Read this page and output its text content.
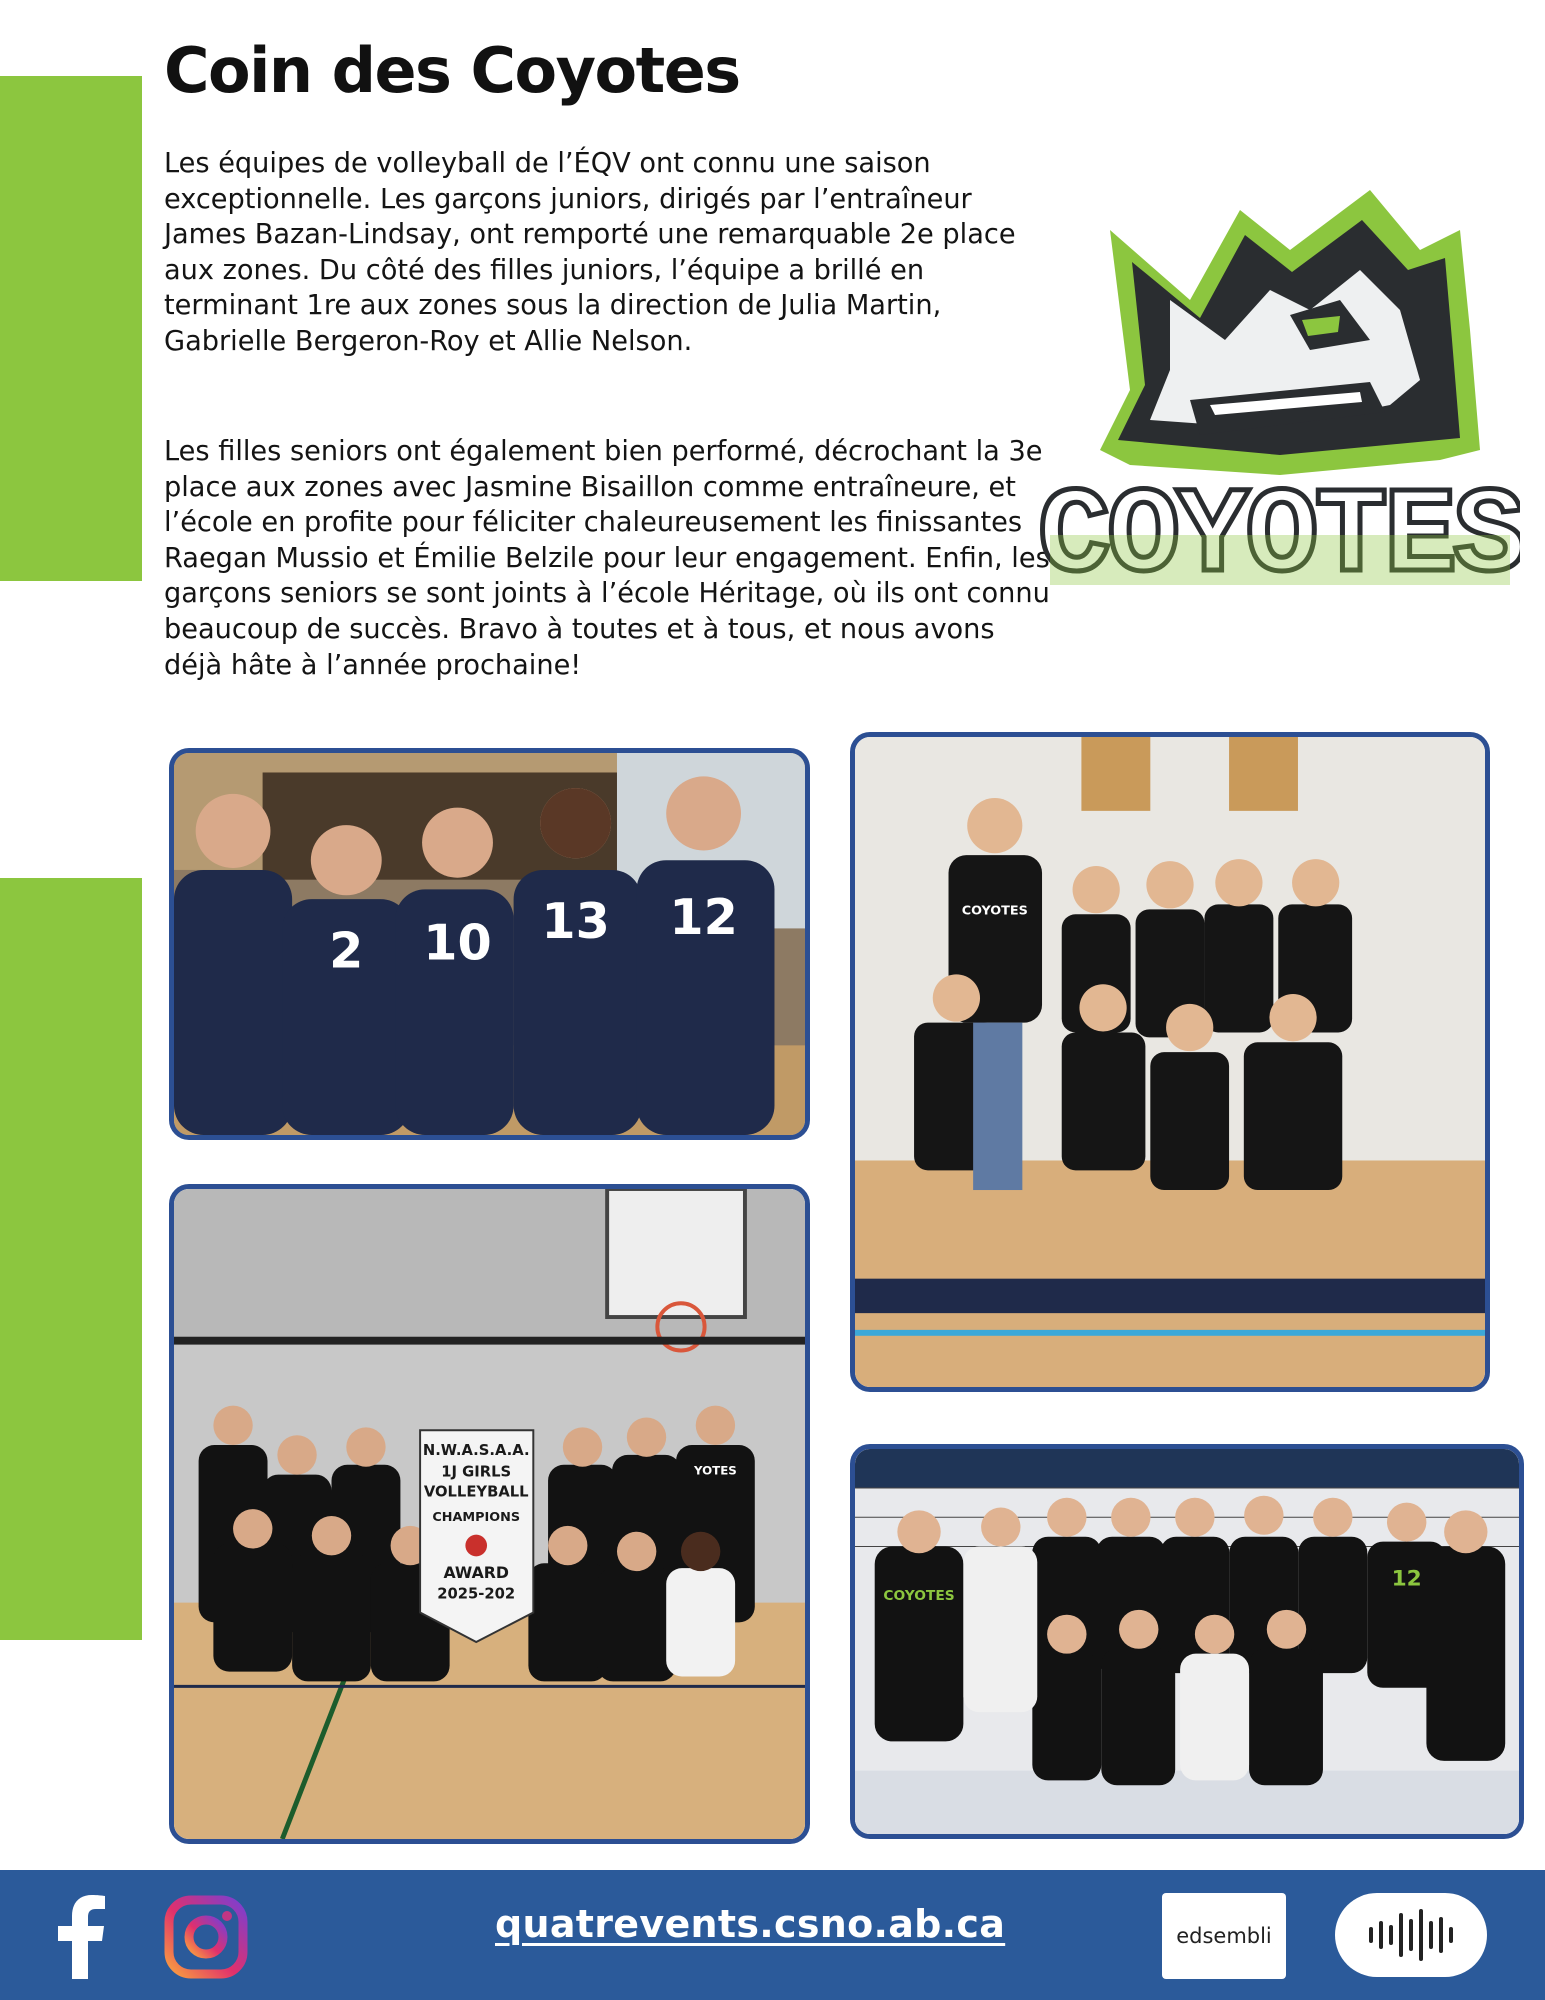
Coin des Coyotes

Les équipes de volleyball de l’ÉQV ont connu une saison exceptionnelle. Les garçons juniors, dirigés par l’entraîneur James Bazan-Lindsay, ont remporté une remarquable 2e place aux zones. Du côté des filles juniors, l’équipe a brillé en terminant 1re aux zones sous la direction de Julia Martin, Gabrielle Bergeron-Roy et Allie Nelson.

Les filles seniors ont également bien performé, décrochant la 3e place aux zones avec Jasmine Bisaillon comme entraîneure, et l’école en profite pour féliciter chaleureusement les finissantes Raegan Mussio et Émilie Belzile pour leur engagement. Enfin, les garçons seniors se sont joints à l’école Héritage, où ils ont connu beaucoup de succès. Bravo à toutes et à tous, et nous avons déjà hâte à l’année prochaine!

COYOTES
2 10 13 12	COYOTES
N.W.A.S.A.A.
1J GIRLS
VOLLEYBALL
CHAMPIONS
AWARD
2025-202
YOTES
COYOTES
12
quatrevents.csno.ab.ca	edsembli
